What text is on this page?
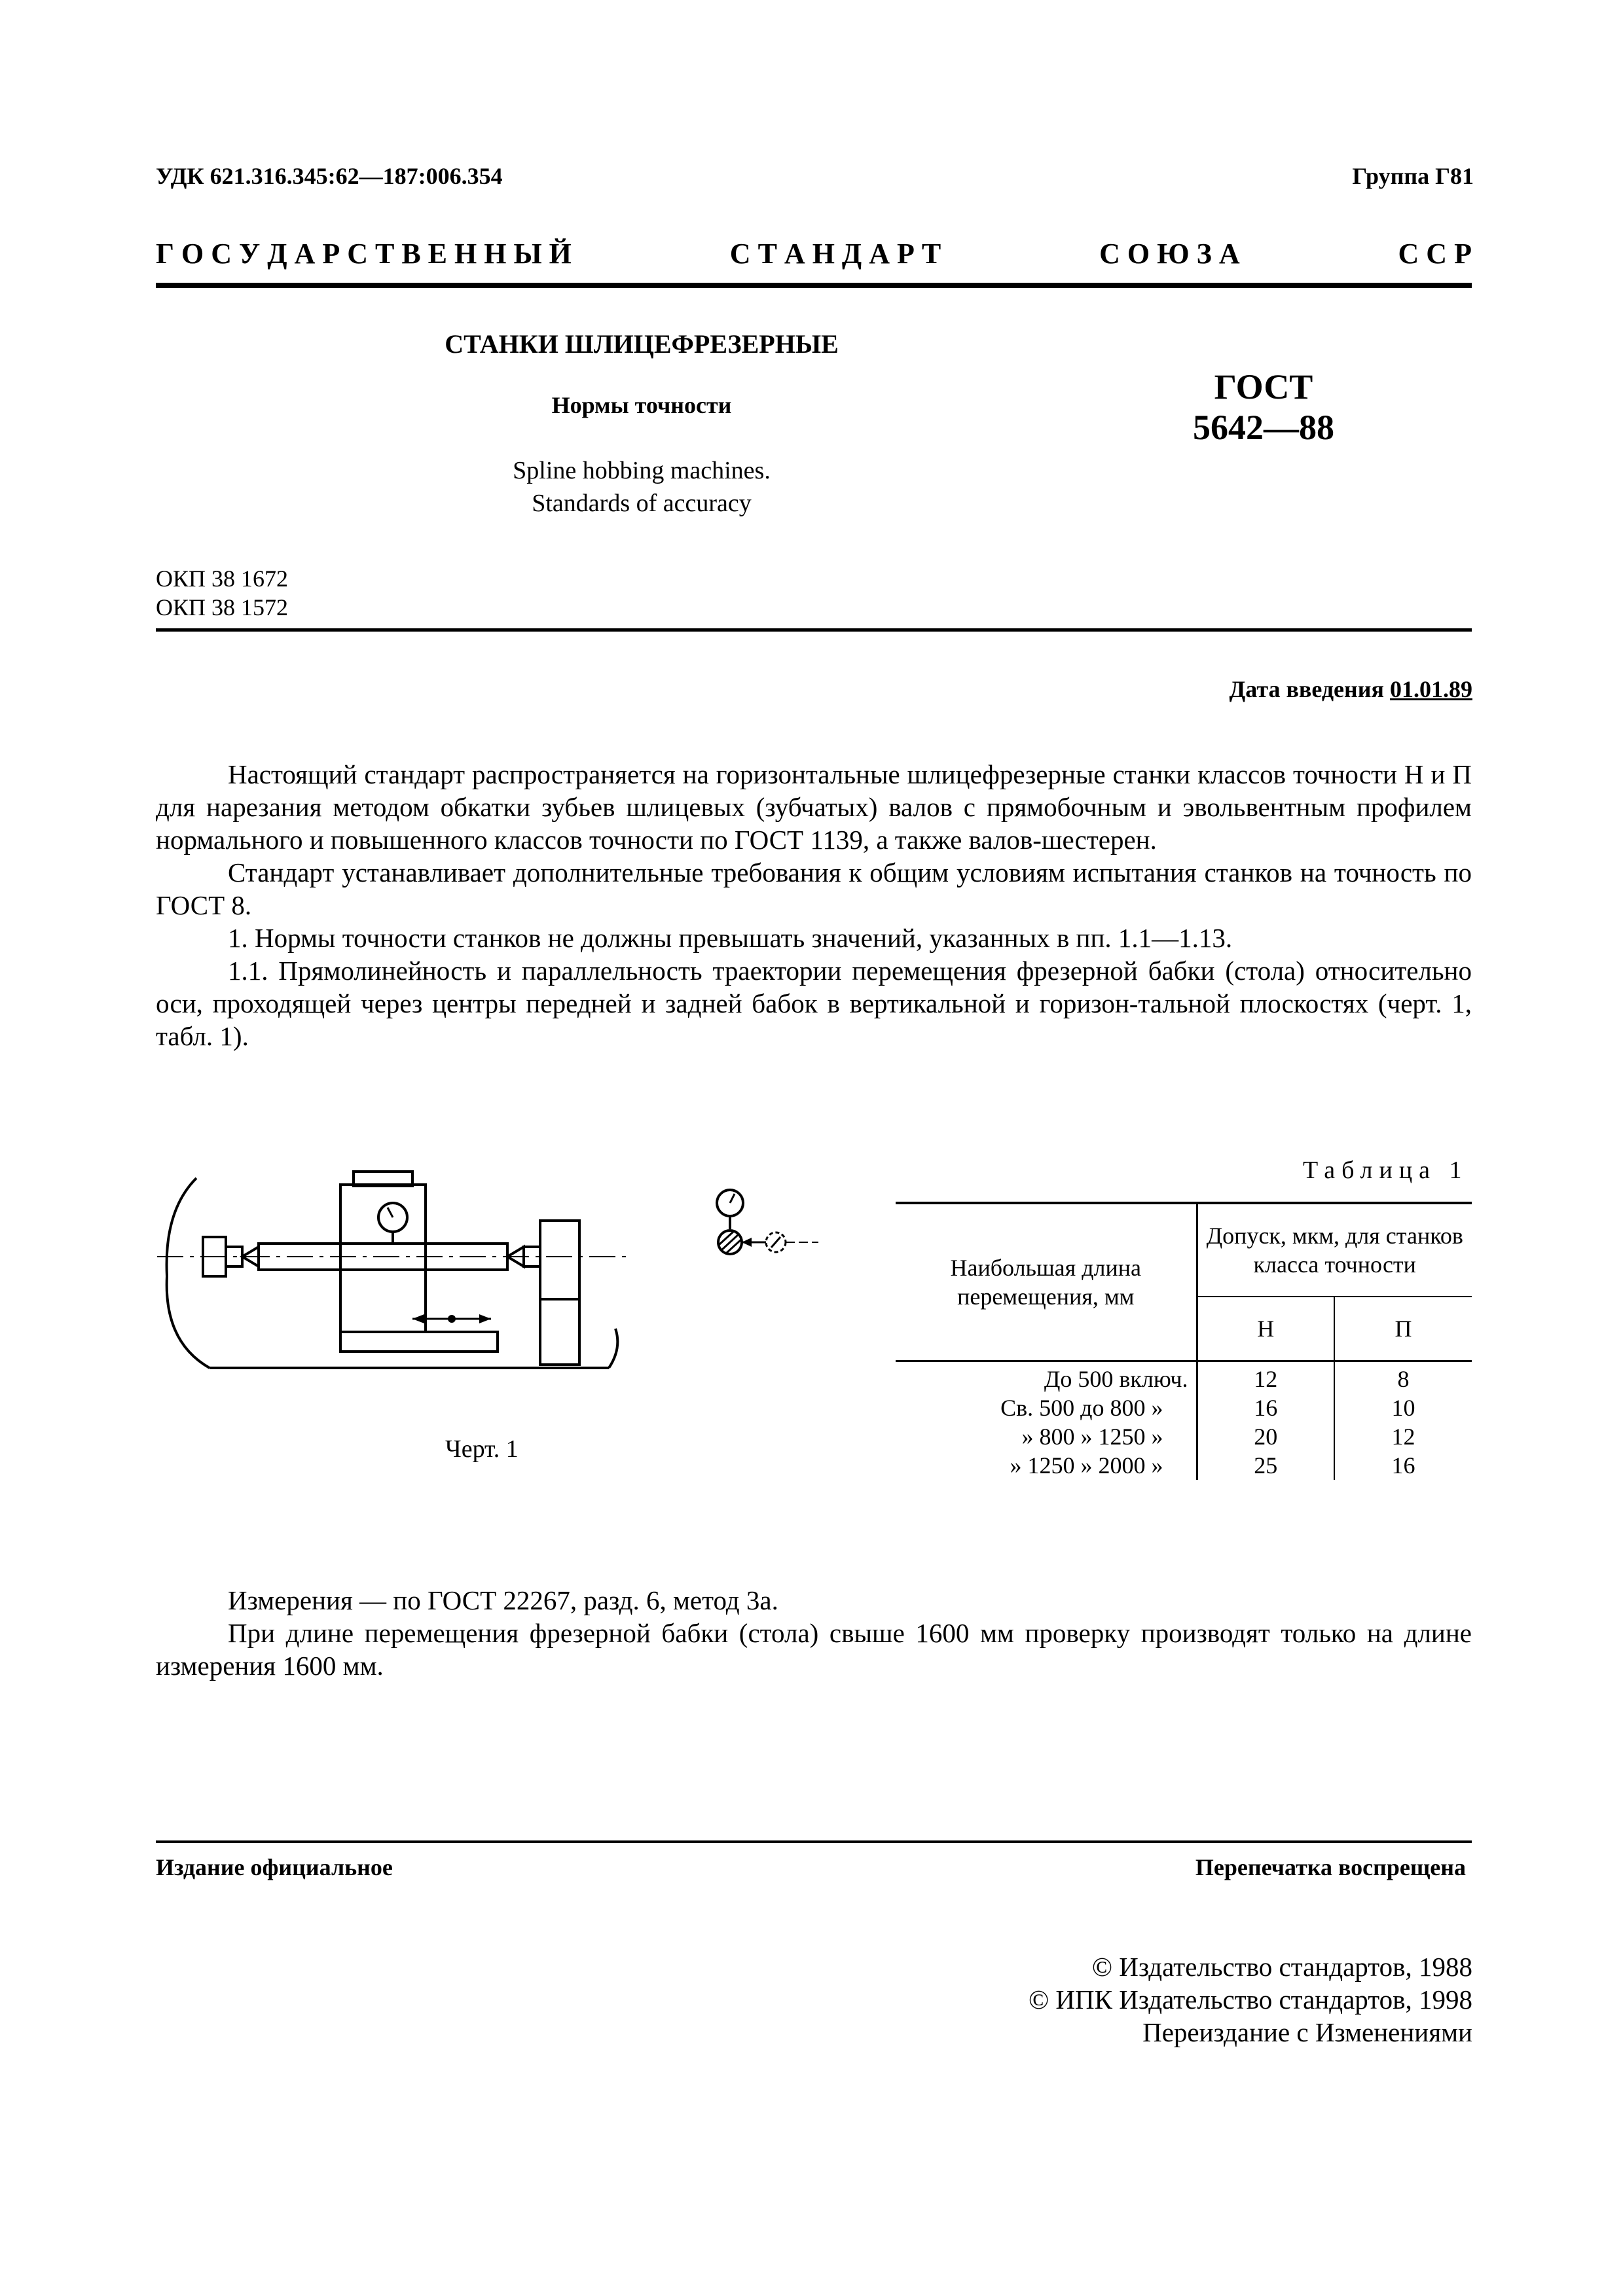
УДК 621.316.345:62—187:006.354	Группа Г81
Г О С У Д А Р С Т В Е Н Н Ы Й	С Т А Н Д А Р Т	С О Ю З А	С С Р
СТАНКИ ШЛИЦЕФРЕЗЕРНЫЕ
Нормы точности
Spline hobbing machines.
Standards of accuracy
ГОСТ
5642—88
ОКП 38 1672
ОКП 38 1572
Дата введения 01.01.89

Настоящий стандарт распространяется на горизонтальные шлицефрезерные станки классов точности Н и П для нарезания методом обкатки зубьев шлицевых (зубчатых) валов с прямобочным и эвольвентным профилем нормального и повышенного классов точности по ГОСТ 1139, а также валов-шестерен.

Стандарт устанавливает дополнительные требования к общим условиям испытания станков на точность по ГОСТ 8.

1. Нормы точности станков не должны превышать значений, указанных в пп. 1.1—1.13.

1.1. Прямолинейность и параллельность траектории перемещения фрезерной бабки (стола) относительно оси, проходящей через центры передней и задней бабок в вертикальной и горизон-тальной плоскостях (черт. 1, табл. 1).

Черт. 1
Таблица 1
Наибольшая длина перемещения, мм	Допуск, мкм, для станков класса точности	
	Н	П
До 500 включ.	12	8
Св. 500 до 800 »	16	10
» 800 » 1250 »	20	12
» 1250 » 2000 »	25	16

Измерения — по ГОСТ 22267, разд. 6, метод 3а.

При длине перемещения фрезерной бабки (стола) свыше 1600 мм проверку производят только на длине измерения 1600 мм.

Издание официальное	Перепечатка воспрещена
© Издательство стандартов, 1988
© ИПК Издательство стандартов, 1998
Переиздание с Изменениями
